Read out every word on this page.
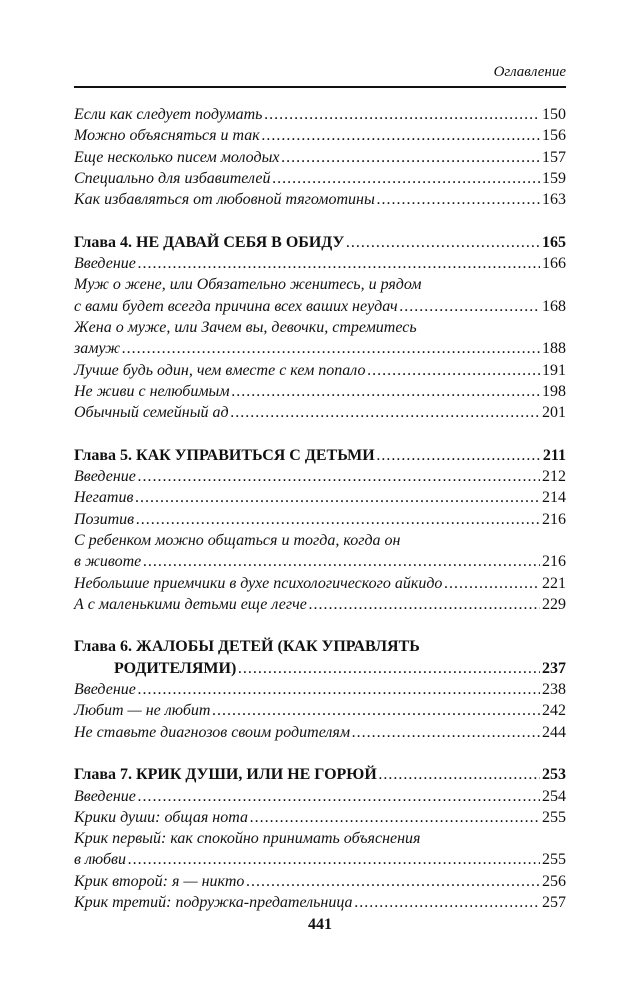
Оглавление
Если как следует подумать .....	150
Можно объясняться и так .....	156
Еще несколько писем молодых .....	157
Специально для избавителей .....	159
Как избавляться от любовной тягомотины .....	163
Глава 4. НЕ ДАВАЙ СЕБЯ В ОБИДУ .....	165
Введение .....	166
Муж о жене, или Обязательно женитесь, и рядом
с вами будет всегда причина всех ваших неудач .....	168
Жена о муже, или Зачем вы, девочки, стремитесь
замуж .....	188
Лучше будь один, чем вместе с кем попало .....	191
Не живи с нелюбимым .....	198
Обычный семейный ад .....	201
Глава 5. КАК УПРАВИТЬСЯ С ДЕТЬМИ .....	211
Введение .....	212
Негатив .....	214
Позитив .....	216
С ребенком можно общаться и тогда, когда он
в животе .....	216
Небольшие приемчики в духе психологического айкидо .....	221
А с маленькими детьми еще легче .....	229
Глава 6. ЖАЛОБЫ ДЕТЕЙ (КАК УПРАВЛЯТЬ
РОДИТЕЛЯМИ) .....	237
Введение .....	238
Любит — не любит .....	242
Не ставьте диагнозов своим родителям .....	244
Глава 7. КРИК ДУШИ, ИЛИ НЕ ГОРЮЙ .....	253
Введение .....	254
Крики души: общая нота .....	255
Крик первый: как спокойно принимать объяснения
в любви .....	255
Крик второй: я — никто .....	256
Крик третий: подружка-предательница .....	257
441
